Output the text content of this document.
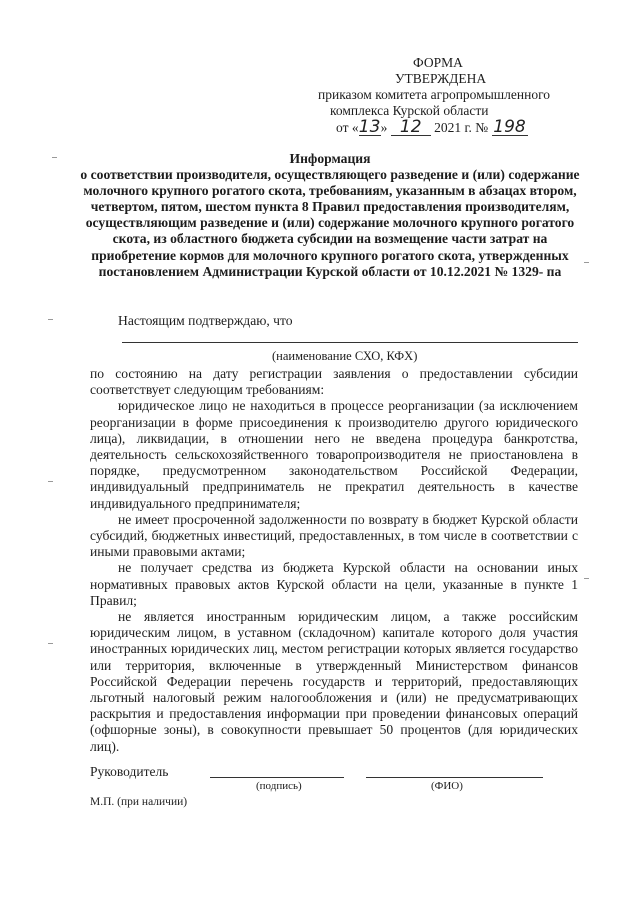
ФОРМА
УТВЕРЖДЕНА
приказом комитета агропромышленного
комплекса Курской области
от «13» 12 2021 г. № 198
Информация
о соответствии производителя, осуществляющего разведение и (или) содержание молочного крупного рогатого скота, требованиям, указанным в абзацах втором, четвертом, пятом, шестом пункта 8 Правил предоставления производителям, осуществляющим разведение и (или) содержание молочного крупного рогатого скота, из областного бюджета субсидии на возмещение части затрат на приобретение кормов для молочного крупного рогатого скота, утвержденных постановлением Администрации Курской области от 10.12.2021 № 1329- па
Настоящим подтверждаю, что
(наименование СХО, КФХ)

по состоянию на дату регистрации заявления о предоставлении субсидии соответствует следующим требованиям:

юридическое лицо не находиться в процессе реорганизации (за исключением реорганизации в форме присоединения к производителю другого юридического лица), ликвидации, в отношении него не введена процедура банкротства, деятельность сельскохозяйственного товаропроизводителя не приостановлена в порядке, предусмотренном законодательством Российской Федерации, индивидуальный предприниматель не прекратил деятельность в качестве индивидуального предпринимателя;

не имеет просроченной задолженности по возврату в бюджет Курской области субсидий, бюджетных инвестиций, предоставленных, в том числе в соответствии с иными правовыми актами;

не получает средства из бюджета Курской области на основании иных нормативных правовых актов Курской области на цели, указанные в пункте 1 Правил;

не является иностранным юридическим лицом, а также российским юридическим лицом, в уставном (складочном) капитале которого доля участия иностранных юридических лиц, местом регистрации которых является государство или территория, включенные в утвержденный Министерством финансов Российской Федерации перечень государств и территорий, предоставляющих льготный налоговый режим налогообложения и (или) не предусматривающих раскрытия и предоставления информации при проведении финансовых операций (офшорные зоны), в совокупности превышает 50 процентов (для юридических лиц).

Руководитель
(подпись)	(ФИО)
М.П. (при наличии)
